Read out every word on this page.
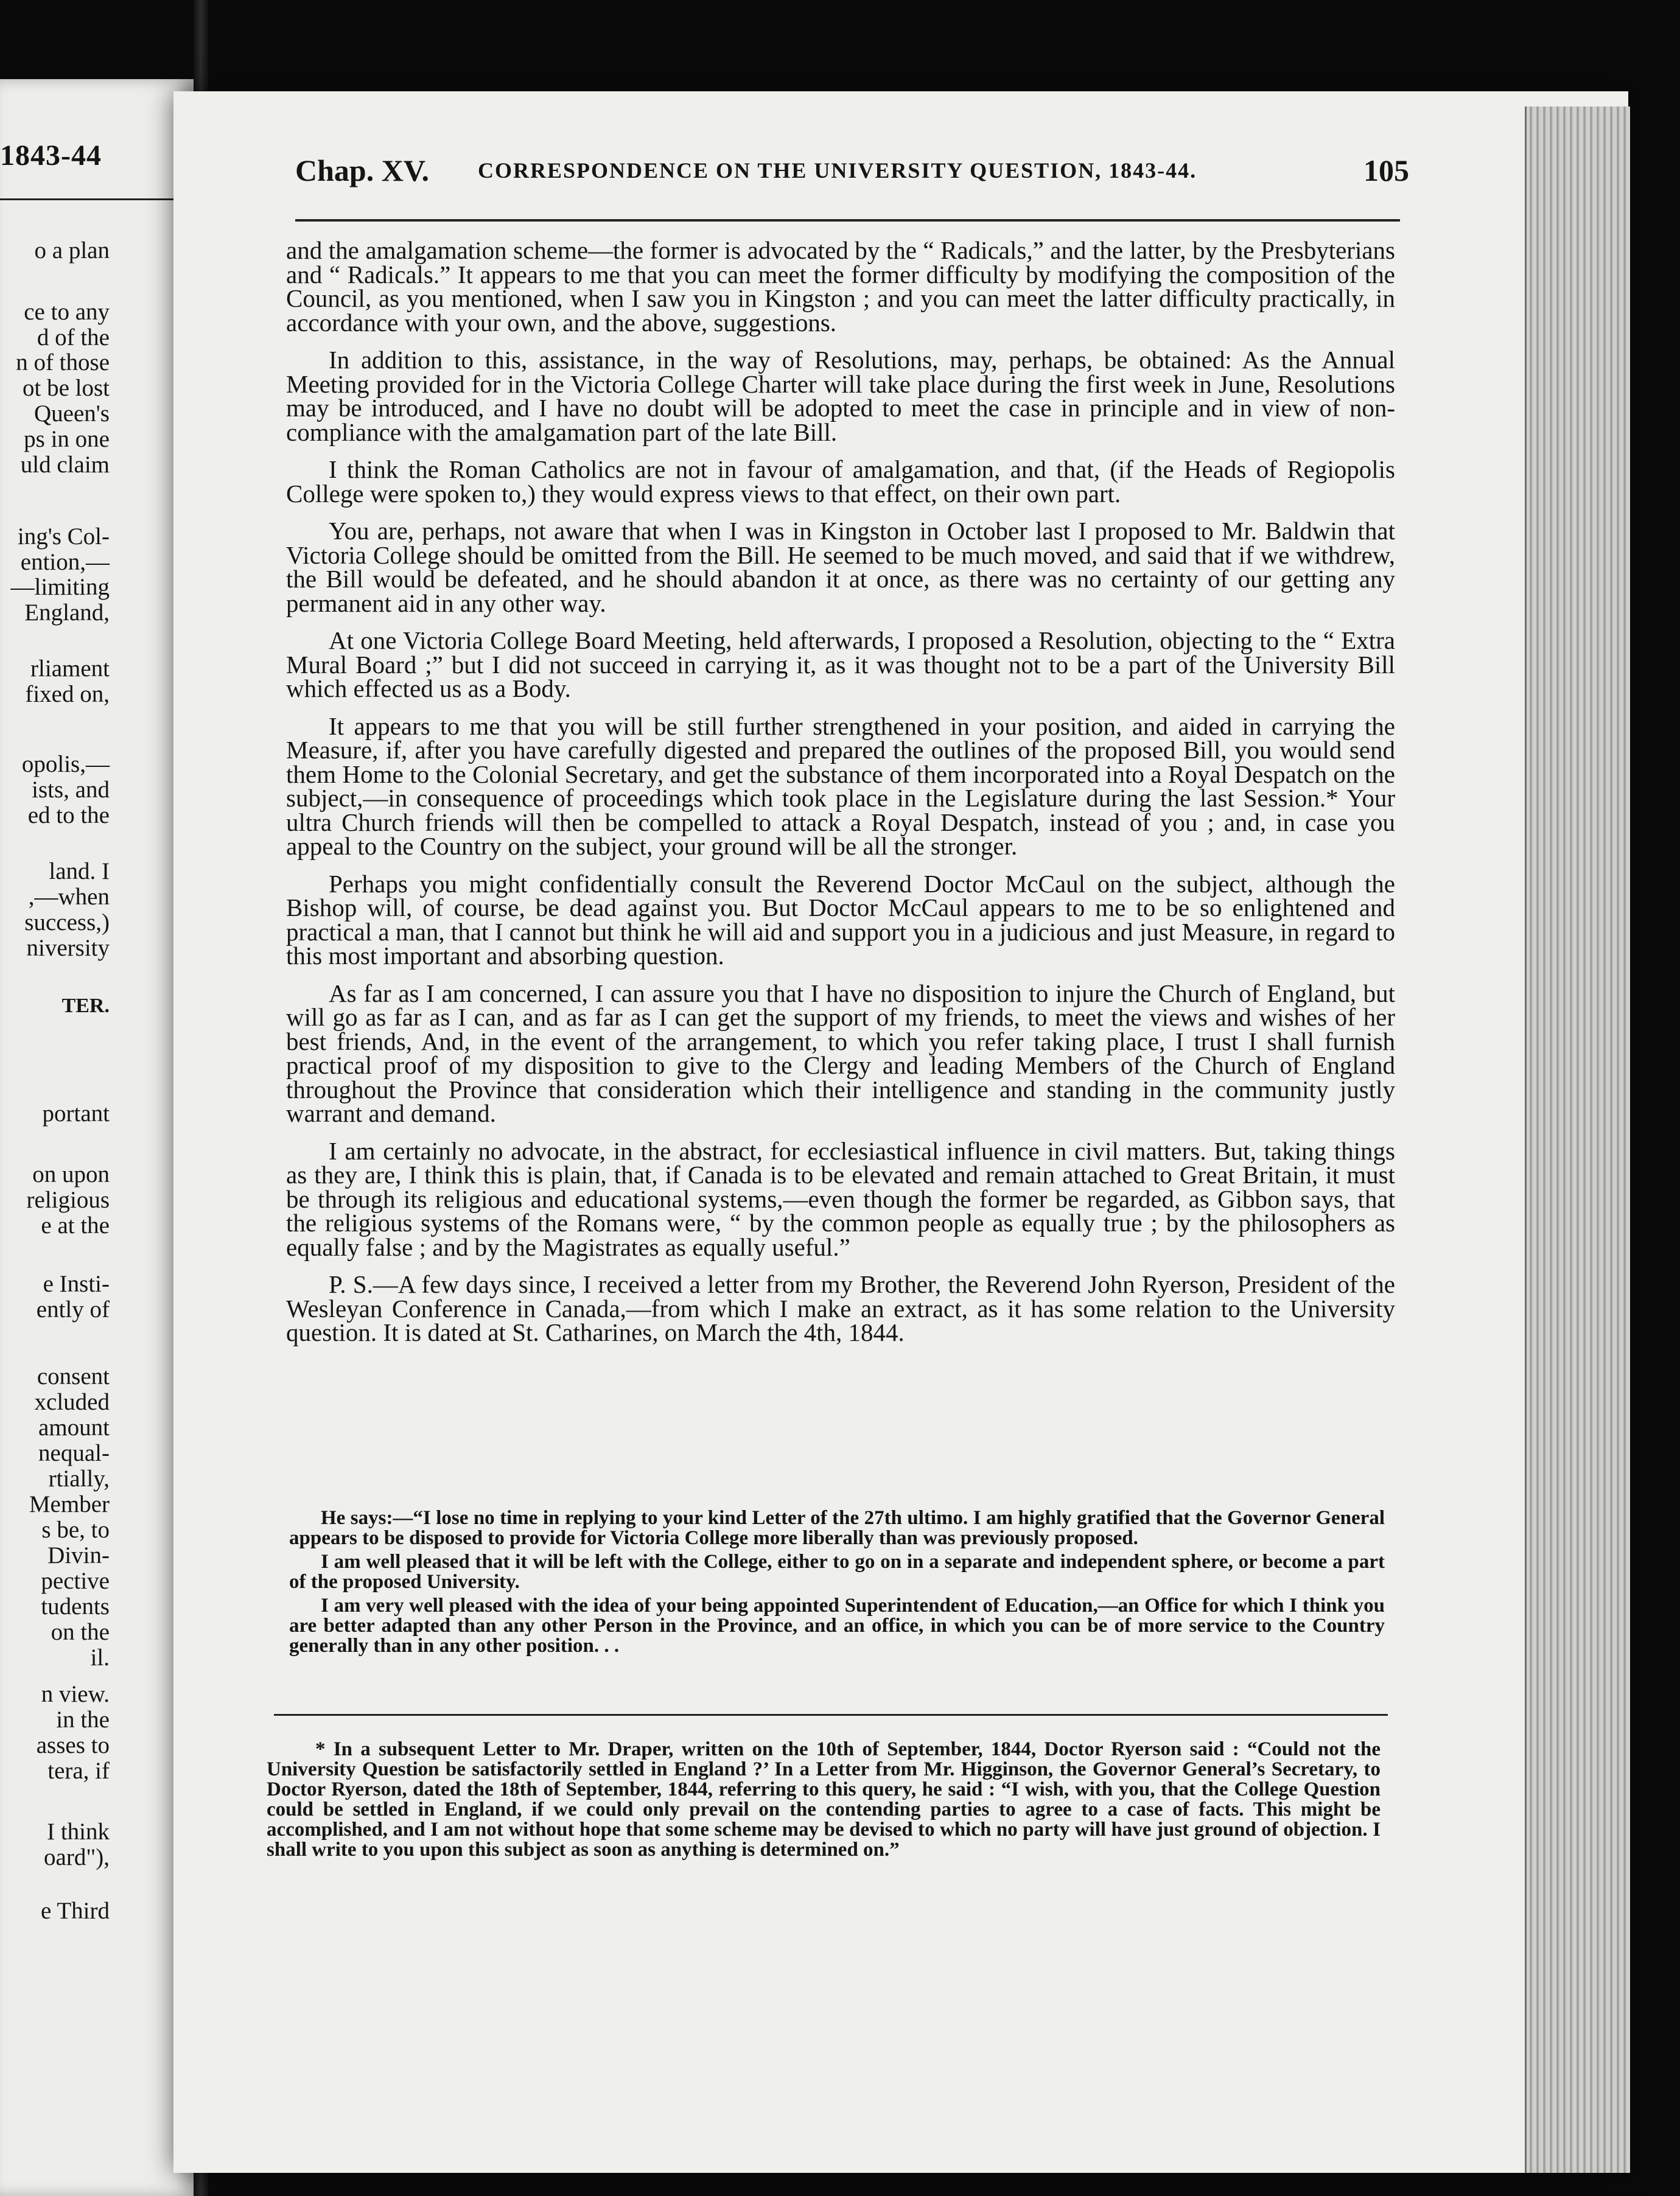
1843-44
o a plan
ce to any
d of the
n of those
ot be lost
Queen's
ps in one
uld claim
ing's Col-
ention,—
—limiting
England,
rliament
fixed on,
opolis,—
ists, and
ed to the
land. I
,—when
success,)
niversity
TER.
portant
on upon
religious
e at the
e Insti-
ently of
consent
xcluded
amount
nequal-
rtially,
Member
s be, to
Divin-
pective
tudents
on the
il.
n view.
in the
asses to
tera, if
I think
oard"),
e Third
Chap. XV. CORRESPONDENCE ON THE UNIVERSITY QUESTION, 1843-44.	105

and the amalgamation scheme—the former is advocated by the “ Radicals,” and the latter, by the Presbyterians and “ Radicals.” It appears to me that you can meet the former difficulty by modifying the composition of the Council, as you mentioned, when I saw you in Kingston ; and you can meet the latter difficulty practically, in accordance with your own, and the above, suggestions.

In addition to this, assistance, in the way of Resolutions, may, perhaps, be obtained: As the Annual Meeting provided for in the Victoria College Charter will take place during the first week in June, Resolutions may be introduced, and I have no doubt will be adopted to meet the case in principle and in view of non-compliance with the amalgamation part of the late Bill.

I think the Roman Catholics are not in favour of amalgamation, and that, (if the Heads of Regiopolis College were spoken to,) they would express views to that effect, on their own part.

You are, perhaps, not aware that when I was in Kingston in October last I proposed to Mr. Baldwin that Victoria College should be omitted from the Bill. He seemed to be much moved, and said that if we withdrew, the Bill would be defeated, and he should abandon it at once, as there was no certainty of our getting any permanent aid in any other way.

At one Victoria College Board Meeting, held afterwards, I proposed a Resolution, objecting to the “ Extra Mural Board ;” but I did not succeed in carrying it, as it was thought not to be a part of the University Bill which effected us as a Body.

It appears to me that you will be still further strengthened in your position, and aided in carrying the Measure, if, after you have carefully digested and prepared the outlines of the proposed Bill, you would send them Home to the Colonial Secretary, and get the substance of them incorporated into a Royal Despatch on the subject,—in consequence of proceedings which took place in the Legislature during the last Session.* Your ultra Church friends will then be compelled to attack a Royal Despatch, instead of you ; and, in case you appeal to the Country on the subject, your ground will be all the stronger.

Perhaps you might confidentially consult the Reverend Doctor McCaul on the subject, although the Bishop will, of course, be dead against you. But Doctor McCaul appears to me to be so enlightened and practical a man, that I cannot but think he will aid and support you in a judicious and just Measure, in regard to this most important and absorbing question.

As far as I am concerned, I can assure you that I have no disposition to injure the Church of England, but will go as far as I can, and as far as I can get the support of my friends, to meet the views and wishes of her best friends, And, in the event of the arrangement, to which you refer taking place, I trust I shall furnish practical proof of my disposition to give to the Clergy and leading Members of the Church of England throughout the Province that consideration which their intelligence and standing in the community justly warrant and demand.

I am certainly no advocate, in the abstract, for ecclesiastical influence in civil matters. But, taking things as they are, I think this is plain, that, if Canada is to be elevated and remain attached to Great Britain, it must be through its religious and educational systems,—even though the former be regarded, as Gibbon says, that the religious systems of the Romans were, “ by the common people as equally true ; by the philosophers as equally false ; and by the Magistrates as equally useful.”

P. S.—A few days since, I received a letter from my Brother, the Reverend John Ryerson, President of the Wesleyan Conference in Canada,—from which I make an extract, as it has some relation to the University question. It is dated at St. Catharines, on March the 4th, 1844.

He says:—“I lose no time in replying to your kind Letter of the 27th ultimo. I am highly gratified that the Governor General appears to be disposed to provide for Victoria College more liberally than was previously proposed.

I am well pleased that it will be left with the College, either to go on in a separate and independent sphere, or become a part of the proposed University.

I am very well pleased with the idea of your being appointed Superintendent of Education,—an Office for which I think you are better adapted than any other Person in the Province, and an office, in which you can be of more service to the Country generally than in any other position. . .

* In a subsequent Letter to Mr. Draper, written on the 10th of September, 1844, Doctor Ryerson said : “Could not the University Question be satisfactorily settled in England ?’ In a Letter from Mr. Higginson, the Governor General’s Secretary, to Doctor Ryerson, dated the 18th of September, 1844, referring to this query, he said : “I wish, with you, that the College Question could be settled in England, if we could only prevail on the contending parties to agree to a case of facts. This might be accomplished, and I am not without hope that some scheme may be devised to which no party will have just ground of objection. I shall write to you upon this subject as soon as anything is determined on.”
